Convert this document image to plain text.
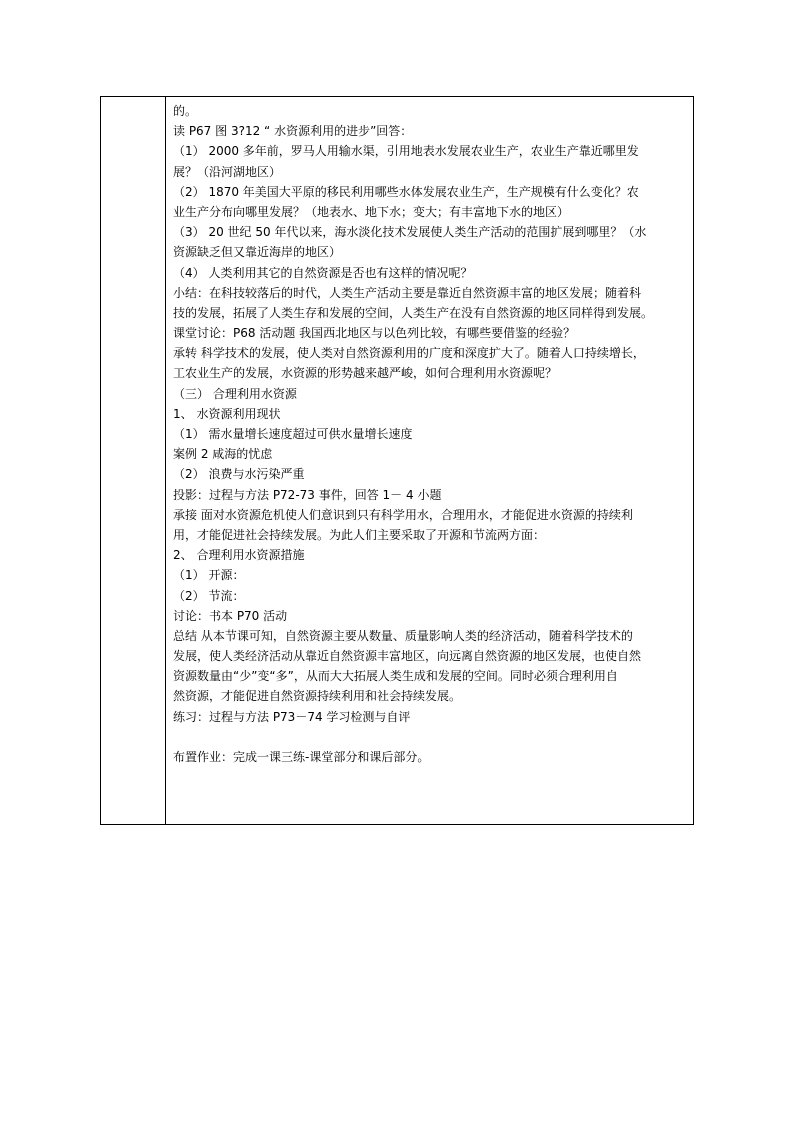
的。
读 P67 图 3?12 “ 水资源利用的进步”回答：
（1） 2000 多年前，罗马人用输水渠，引用地表水发展农业生产，农业生产靠近哪里发
展？（沿河湖地区）
（2） 1870 年美国大平原的移民利用哪些水体发展农业生产，生产规模有什么变化？农
业生产分布向哪里发展？（地表水、地下水；变大；有丰富地下水的地区）
（3） 20 世纪 50 年代以来，海水淡化技术发展使人类生产活动的范围扩展到哪里？（水
资源缺乏但又靠近海岸的地区）
（4） 人类利用其它的自然资源是否也有这样的情况呢？
小结：在科技较落后的时代，人类生产活动主要是靠近自然资源丰富的地区发展；随着科
技的发展，拓展了人类生存和发展的空间，人类生产在没有自然资源的地区同样得到发展。
课堂讨论：P68 活动题 我国西北地区与以色列比较，有哪些要借鉴的经验？
承转 科学技术的发展，使人类对自然资源利用的广度和深度扩大了。随着人口持续增长，
工农业生产的发展，水资源的形势越来越严峻，如何合理利用水资源呢？
（三） 合理利用水资源
1、 水资源利用现状
（1） 需水量增长速度超过可供水量增长速度
案例 2 咸海的忧虑
（2） 浪费与水污染严重
投影：过程与方法 P72-73 事件，回答 1－ 4 小题
承接 面对水资源危机使人们意识到只有科学用水，合理用水，才能促进水资源的持续利
用，才能促进社会持续发展。为此人们主要采取了开源和节流两方面：
2、 合理利用水资源措施
（1） 开源：
（2） 节流：
讨论：书本 P70 活动
总结 从本节课可知，自然资源主要从数量、质量影响人类的经济活动，随着科学技术的
发展，使人类经济活动从靠近自然资源丰富地区，向远离自然资源的地区发展，也使自然
资源数量由“少”变“多”，从而大大拓展人类生成和发展的空间。同时必须合理利用自
然资源，才能促进自然资源持续利用和社会持续发展。
练习：过程与方法 P73－74 学习检测与自评
布置作业：完成一课三练-课堂部分和课后部分。
